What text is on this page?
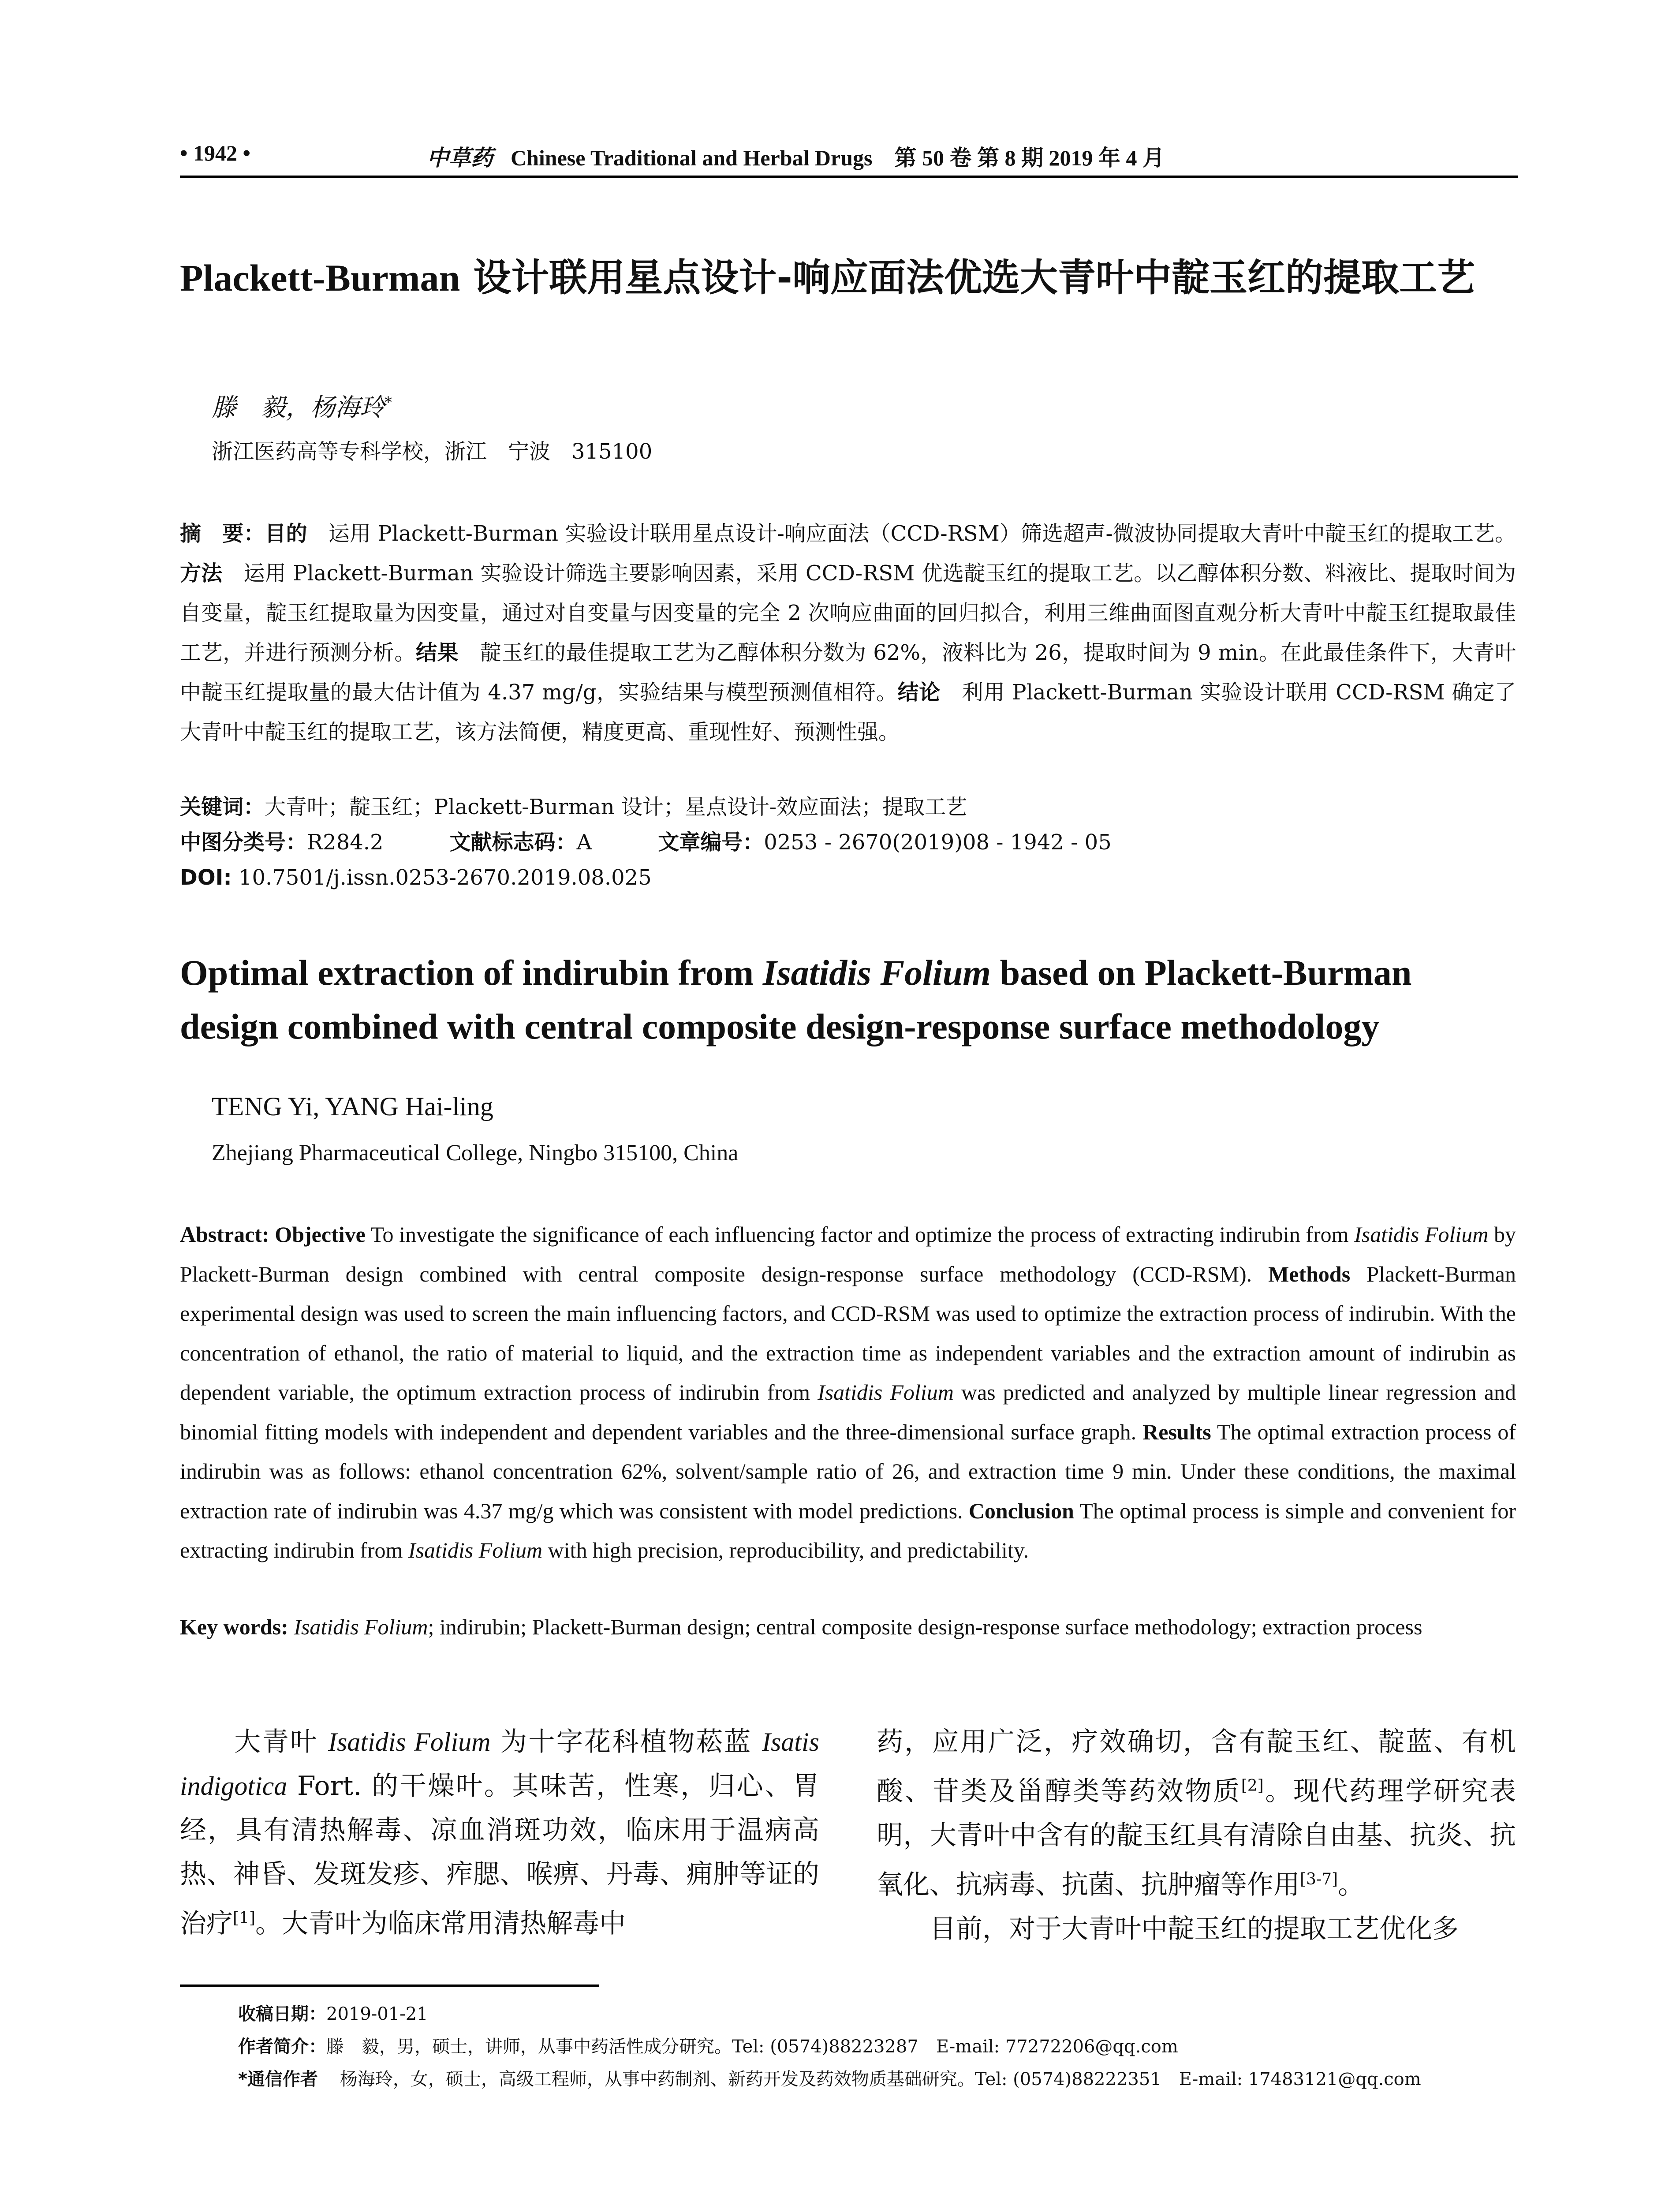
• 1942 •	中草药 Chinese Traditional and Herbal Drugs　 第 50 卷 第 8 期 2019 年 4 月
Plackett-Burman 设计联用星点设计-响应面法优选大青叶中靛玉红的提取工艺
滕　毅，杨海玲*
浙江医药高等专科学校，浙江　宁波　315100
摘　要：目的　运用 Plackett-Burman 实验设计联用星点设计-响应面法（CCD-RSM）筛选超声-微波协同提取大青叶中靛玉红的提取工艺。方法　运用 Plackett-Burman 实验设计筛选主要影响因素，采用 CCD-RSM 优选靛玉红的提取工艺。以乙醇体积分数、料液比、提取时间为自变量，靛玉红提取量为因变量，通过对自变量与因变量的完全 2 次响应曲面的回归拟合，利用三维曲面图直观分析大青叶中靛玉红提取最佳工艺，并进行预测分析。结果　靛玉红的最佳提取工艺为乙醇体积分数为 62%，液料比为 26，提取时间为 9 min。在此最佳条件下，大青叶中靛玉红提取量的最大估计值为 4.37 mg/g，实验结果与模型预测值相符。结论　利用 Plackett-Burman 实验设计联用 CCD-RSM 确定了大青叶中靛玉红的提取工艺，该方法简便，精度更高、重现性好、预测性强。
关键词：大青叶；靛玉红；Plackett-Burman 设计；星点设计-效应面法；提取工艺
中图分类号：R284.2	文献标志码：A	文章编号：0253 - 2670(2019)08 - 1942 - 05
DOI: 10.7501/j.issn.0253-2670.2019.08.025
Optimal extraction of indirubin from Isatidis Folium based on Plackett-Burman design combined with central composite design-response surface methodology
TENG Yi, YANG Hai-ling
Zhejiang Pharmaceutical College, Ningbo 315100, China
Abstract: Objective To investigate the significance of each influencing factor and optimize the process of extracting indirubin from Isatidis Folium by Plackett-Burman design combined with central composite design-response surface methodology (CCD-RSM). Methods Plackett-Burman experimental design was used to screen the main influencing factors, and CCD-RSM was used to optimize the extraction process of indirubin. With the concentration of ethanol, the ratio of material to liquid, and the extraction time as independent variables and the extraction amount of indirubin as dependent variable, the optimum extraction process of indirubin from Isatidis Folium was predicted and analyzed by multiple linear regression and binomial fitting models with independent and dependent variables and the three-dimensional surface graph. Results The optimal extraction process of indirubin was as follows: ethanol concentration 62%, solvent/sample ratio of 26, and extraction time 9 min. Under these conditions, the maximal extraction rate of indirubin was 4.37 mg/g which was consistent with model predictions. Conclusion The optimal process is simple and convenient for extracting indirubin from Isatidis Folium with high precision, reproducibility, and predictability.
Key words: Isatidis Folium; indirubin; Plackett-Burman design; central composite design-response surface methodology; extraction process
大青叶 Isatidis Folium 为十字花科植物菘蓝 Isatis indigotica Fort. 的干燥叶。其味苦，性寒，归心、胃经，具有清热解毒、凉血消斑功效，临床用于温病高热、神昏、发斑发疹、痄腮、喉痹、丹毒、痈肿等证的治疗[1]。大青叶为临床常用清热解毒中
药，应用广泛，疗效确切，含有靛玉红、靛蓝、有机酸、苷类及甾醇类等药效物质[2]。现代药理学研究表明，大青叶中含有的靛玉红具有清除自由基、抗炎、抗氧化、抗病毒、抗菌、抗肿瘤等作用[3-7]。
目前，对于大青叶中靛玉红的提取工艺优化多
收稿日期：2019-01-21
作者简介：滕　毅，男，硕士，讲师，从事中药活性成分研究。Tel: (0574)88223287　E-mail: 77272206@qq.com
*通信作者 杨海玲，女，硕士，高级工程师，从事中药制剂、新药开发及药效物质基础研究。Tel: (0574)88222351　E-mail: 17483121@qq.com
